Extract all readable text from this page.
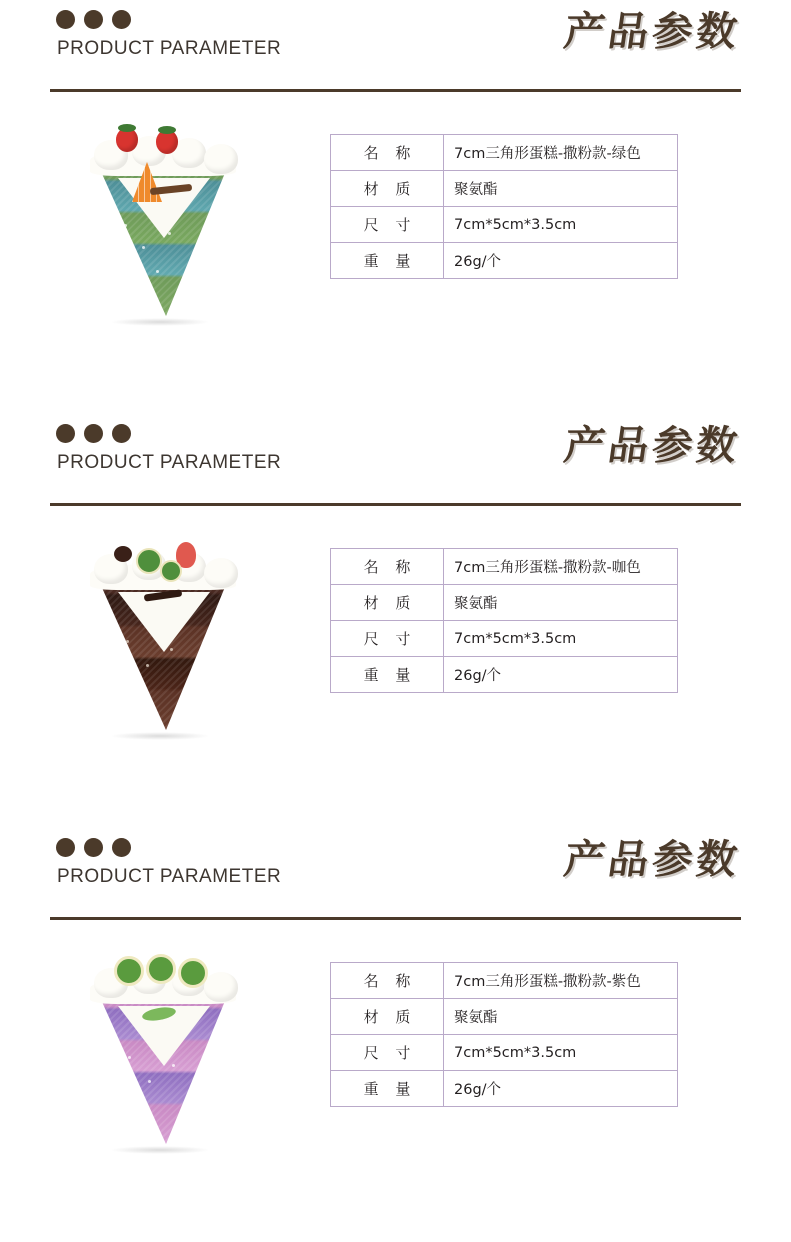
PRODUCT PARAMETER	产品参数
名 称	7cm三角形蛋糕-撒粉款-绿色
材 质	聚氨酯
尺 寸	7cm*5cm*3.5cm
重 量	26g/个
PRODUCT PARAMETER	产品参数
名 称	7cm三角形蛋糕-撒粉款-咖色
材 质	聚氨酯
尺 寸	7cm*5cm*3.5cm
重 量	26g/个
PRODUCT PARAMETER	产品参数
名 称	7cm三角形蛋糕-撒粉款-紫色
材 质	聚氨酯
尺 寸	7cm*5cm*3.5cm
重 量	26g/个
